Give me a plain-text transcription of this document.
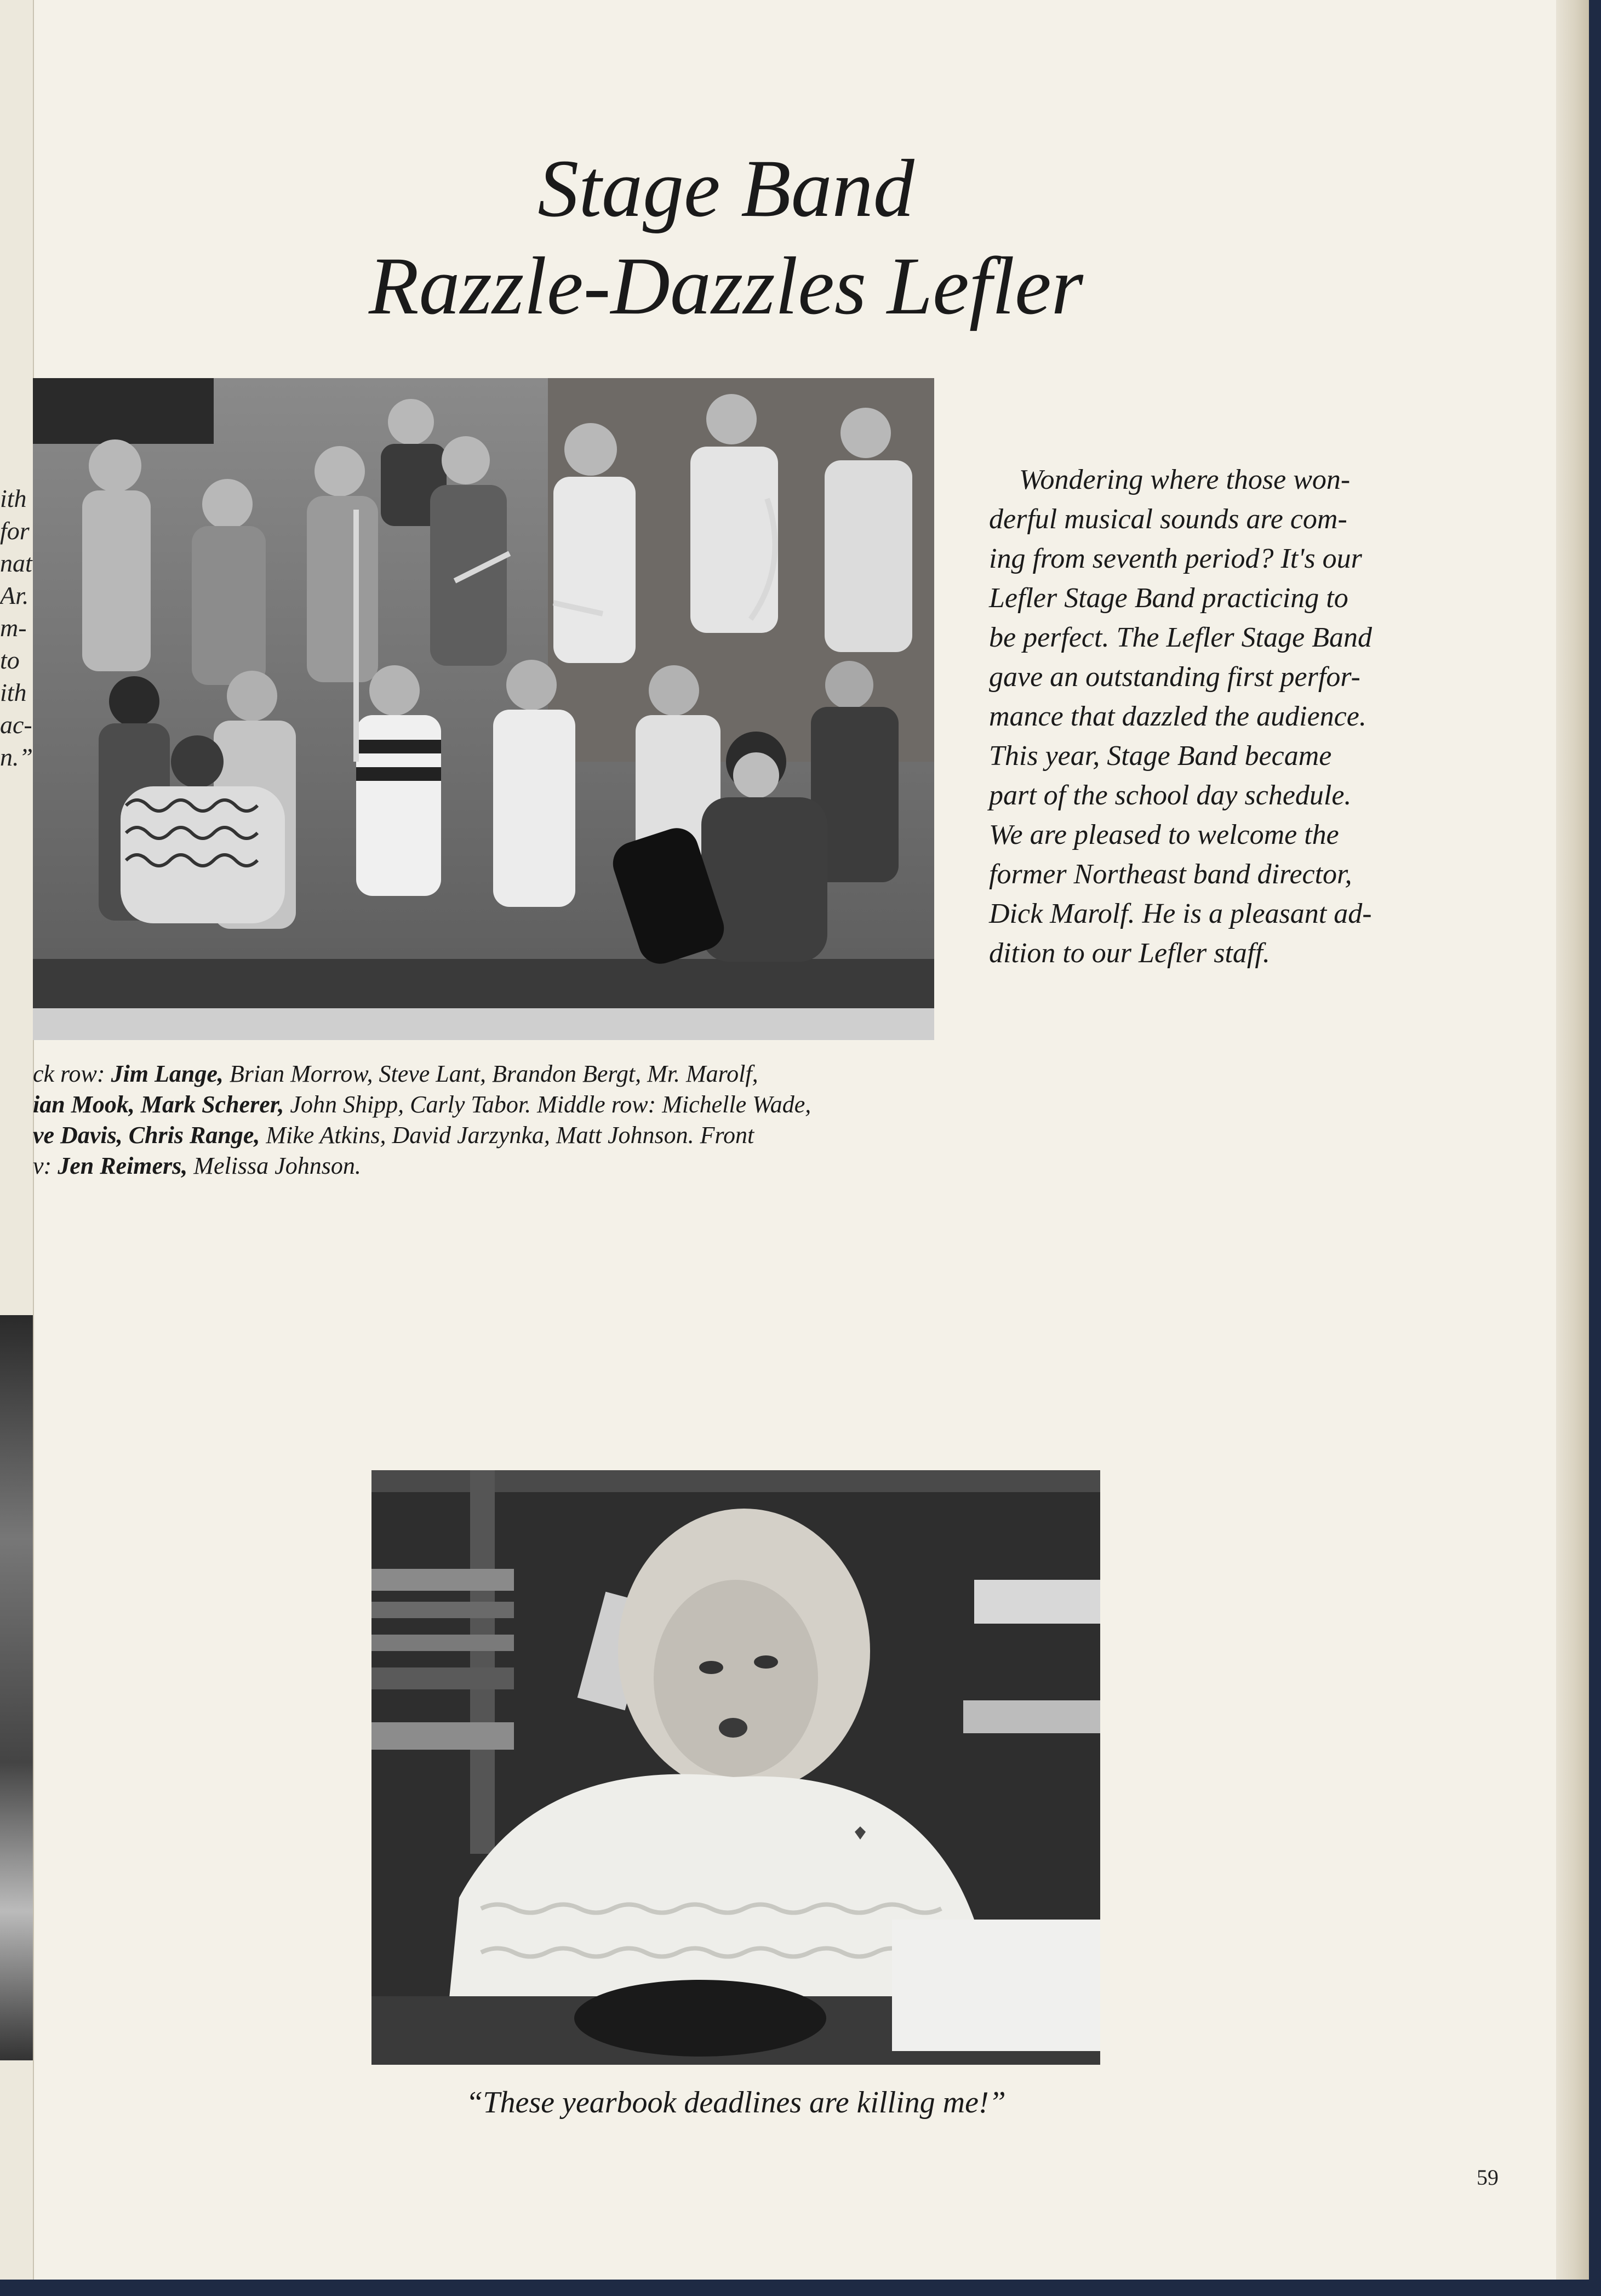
ith
for
nat
Ar.
m-
to
ith
ac-
n.”
Stage Band
Razzle-Dazzles Lefler

ck row: Jim Lange, Brian Morrow, Steve Lant, Brandon Bergt, Mr. Marolf,

ian Mook, Mark Scherer, John Shipp, Carly Tabor. Middle row: Michelle Wade,

ve Davis, Chris Range, Mike Atkins, David Jarzynka, Matt Johnson. Front

v: Jen Reimers, Melissa Johnson.

Wondering where those won-

derful musical sounds are com-

ing from seventh period? It's our

Lefler Stage Band practicing to

be perfect. The Lefler Stage Band

gave an outstanding first perfor-

mance that dazzled the audience.

This year, Stage Band became

part of the school day schedule.

We are pleased to welcome the

former Northeast band director,

Dick Marolf. He is a pleasant ad-

dition to our Lefler staff.

“These yearbook deadlines are killing me!”
59
